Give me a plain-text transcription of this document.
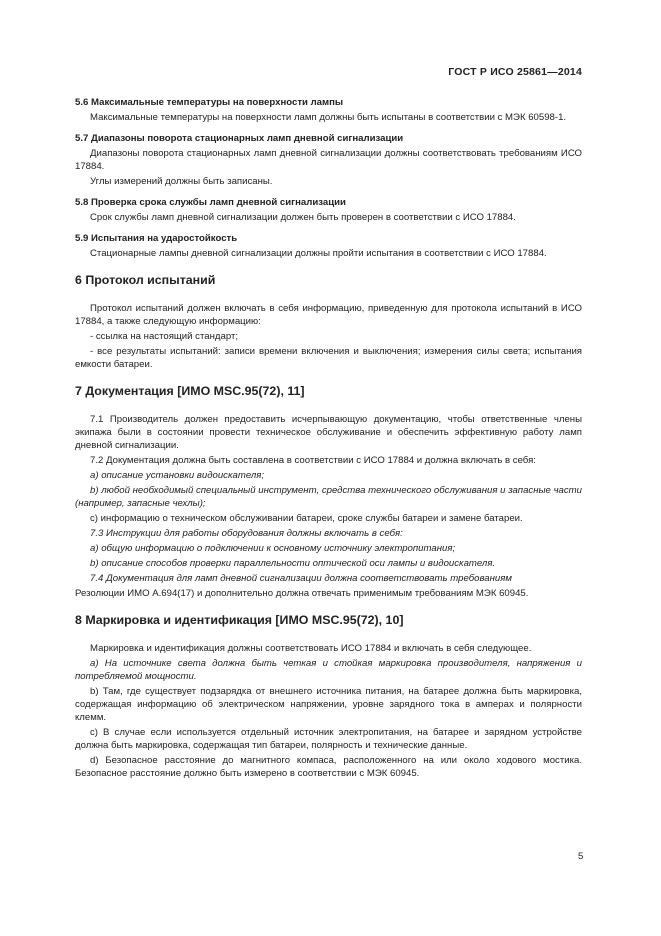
ГОСТ Р ИСО 25861—2014
5.6 Максимальные температуры на поверхности лампы
Максимальные температуры на поверхности ламп должны быть испытаны в соответствии с МЭК 60598-1.
5.7 Диапазоны поворота стационарных ламп дневной сигнализации
Диапазоны поворота стационарных ламп дневной сигнализации должны соответствовать требованиям ИСО 17884.
Углы измерений должны быть записаны.
5.8 Проверка срока службы ламп дневной сигнализации
Срок службы ламп дневной сигнализации должен быть проверен в соответствии с ИСО 17884.
5.9 Испытания на ударостойкость
Стационарные лампы дневной сигнализации должны пройти испытания в соответствии с ИСО 17884.
6 Протокол испытаний
Протокол испытаний должен включать в себя информацию, приведенную для протокола испытаний в ИСО 17884, а также следующую информацию:
- ссылка на настоящий стандарт;
- все результаты испытаний: записи времени включения и выключения; измерения силы света; испытания емкости батареи.
7 Документация [ИМО MSC.95(72), 11]
7.1 Производитель должен предоставить исчерпывающую документацию, чтобы ответственные члены экипажа были в состоянии провести техническое обслуживание и обеспечить эффективную работу ламп дневной сигнализации.
7.2 Документация должна быть составлена в соответствии с ИСО 17884 и должна включать в себя:
a) описание установки видоискателя;
b) любой необходимый специальный инструмент, средства технического обслуживания и запасные части (например, запасные чехлы);
c) информацию о техническом обслуживании батареи, сроке службы батареи и замене батареи.
7.3 Инструкции для работы оборудования должны включать в себя:
a) общую информацию о подключении к основному источнику электропитания;
b) описание способов проверки параллельности оптической оси лампы и видоискателя.
7.4 Документация для ламп дневной сигнализации должна соответствовать требованиям
Резолюции ИМО А.694(17) и дополнительно должна отвечать применимым требованиям МЭК 60945.
8 Маркировка и идентификация [ИМО MSC.95(72), 10]
Маркировка и идентификация должны соответствовать ИСО 17884 и включать в себя следующее.
a) На источнике света должна быть четкая и стойкая маркировка производителя, напряжения и потребляемой мощности.
b) Там, где существует подзарядка от внешнего источника питания, на батарее должна быть маркировка, содержащая информацию об электрическом напряжении, уровне зарядного тока в амперах и полярности клемм.
c) В случае если используется отдельный источник электропитания, на батарее и зарядном устройстве должна быть маркировка, содержащая тип батареи, полярность и технические данные.
d) Безопасное расстояние до магнитного компаса, расположенного на или около ходового мостика. Безопасное расстояние должно быть измерено в соответствии с МЭК 60945.
5
